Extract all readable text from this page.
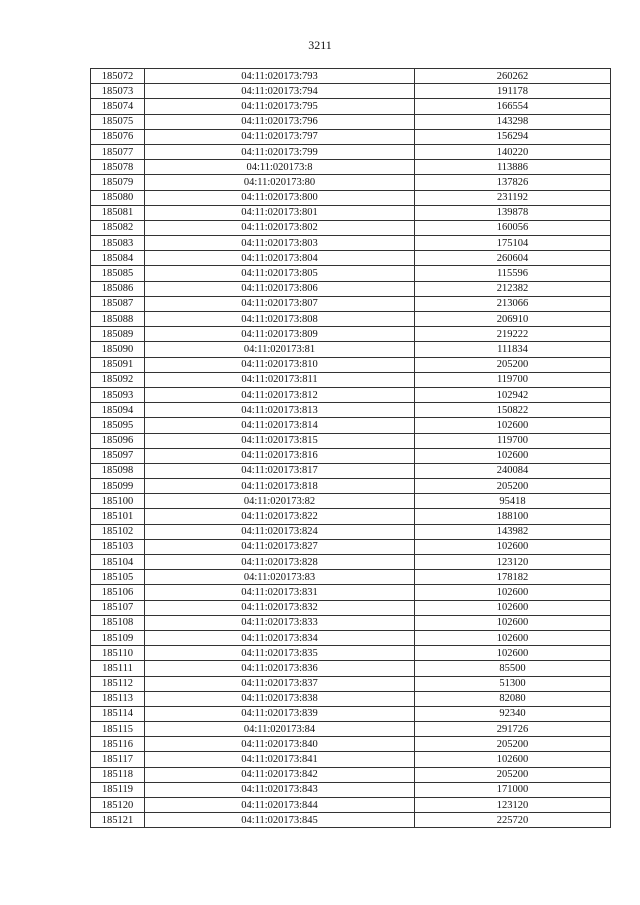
3211
185072	04:11:020173:793	260262
185073	04:11:020173:794	191178
185074	04:11:020173:795	166554
185075	04:11:020173:796	143298
185076	04:11:020173:797	156294
185077	04:11:020173:799	140220
185078	04:11:020173:8	113886
185079	04:11:020173:80	137826
185080	04:11:020173:800	231192
185081	04:11:020173:801	139878
185082	04:11:020173:802	160056
185083	04:11:020173:803	175104
185084	04:11:020173:804	260604
185085	04:11:020173:805	115596
185086	04:11:020173:806	212382
185087	04:11:020173:807	213066
185088	04:11:020173:808	206910
185089	04:11:020173:809	219222
185090	04:11:020173:81	111834
185091	04:11:020173:810	205200
185092	04:11:020173:811	119700
185093	04:11:020173:812	102942
185094	04:11:020173:813	150822
185095	04:11:020173:814	102600
185096	04:11:020173:815	119700
185097	04:11:020173:816	102600
185098	04:11:020173:817	240084
185099	04:11:020173:818	205200
185100	04:11:020173:82	95418
185101	04:11:020173:822	188100
185102	04:11:020173:824	143982
185103	04:11:020173:827	102600
185104	04:11:020173:828	123120
185105	04:11:020173:83	178182
185106	04:11:020173:831	102600
185107	04:11:020173:832	102600
185108	04:11:020173:833	102600
185109	04:11:020173:834	102600
185110	04:11:020173:835	102600
185111	04:11:020173:836	85500
185112	04:11:020173:837	51300
185113	04:11:020173:838	82080
185114	04:11:020173:839	92340
185115	04:11:020173:84	291726
185116	04:11:020173:840	205200
185117	04:11:020173:841	102600
185118	04:11:020173:842	205200
185119	04:11:020173:843	171000
185120	04:11:020173:844	123120
185121	04:11:020173:845	225720
